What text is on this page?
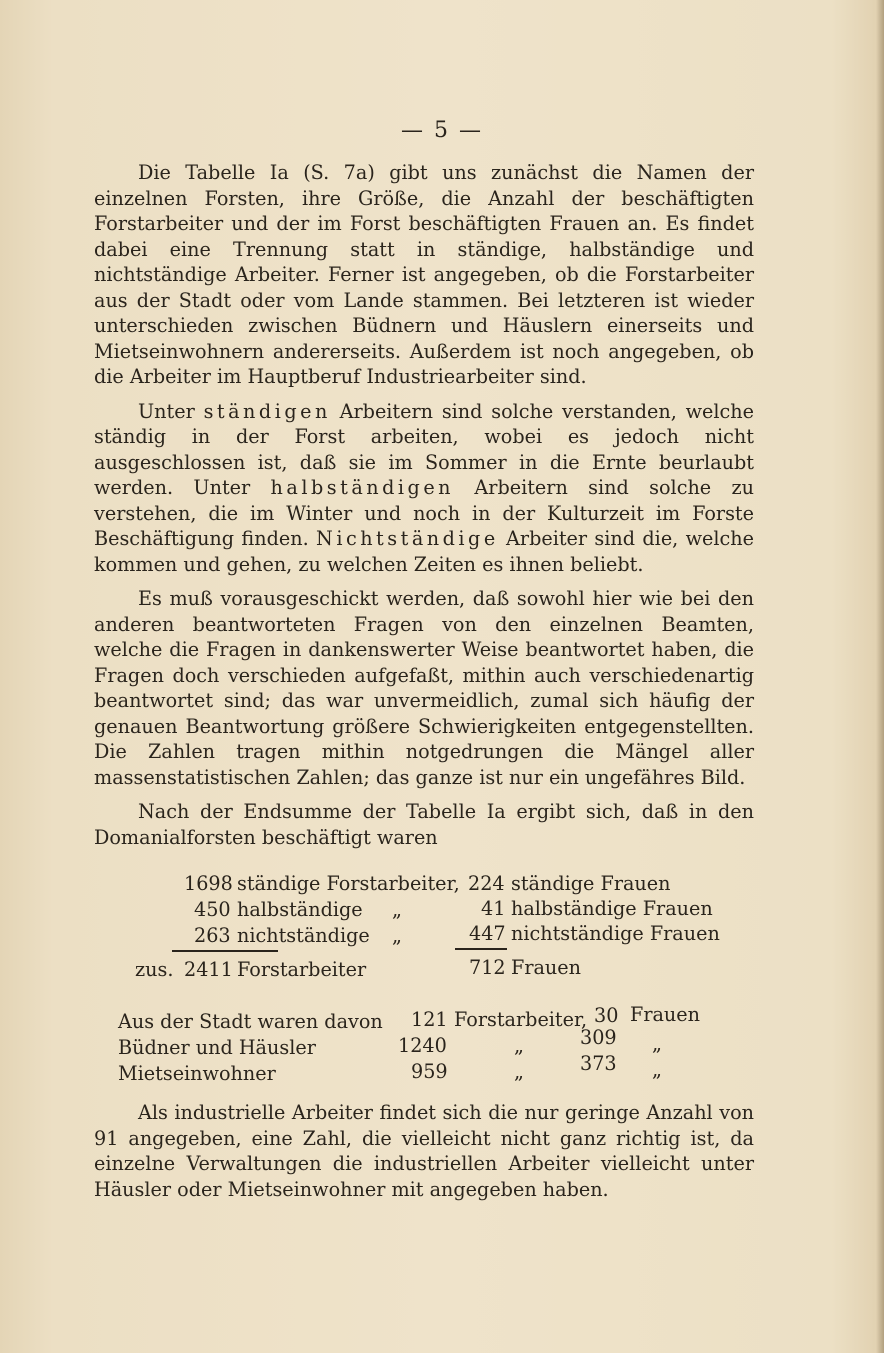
— 5 —

Die Tabelle Ia (S. 7a) gibt uns zunächst die Namen der einzelnen Forsten, ihre Größe, die Anzahl der beschäftigten Forstarbeiter und der im Forst beschäftigten Frauen an. Es findet dabei eine Trennung statt in ständige, halbständige und nichtständige Arbeiter. Ferner ist angegeben, ob die Forstarbeiter aus der Stadt oder vom Lande stammen. Bei letzteren ist wieder unterschieden zwischen Büdnern und Häuslern einerseits und Mietseinwohnern andererseits. Außerdem ist noch angegeben, ob die Arbeiter im Hauptberuf Industriearbeiter sind.

Unter ständigen Arbeitern sind solche verstanden, welche ständig in der Forst arbeiten, wobei es jedoch nicht ausgeschlossen ist, daß sie im Sommer in die Ernte beurlaubt werden. Unter halbständigen Arbeitern sind solche zu verstehen, die im Winter und noch in der Kulturzeit im Forste Beschäftigung finden. Nichtständige Arbeiter sind die, welche kommen und gehen, zu welchen Zeiten es ihnen beliebt.

Es muß vorausgeschickt werden, daß sowohl hier wie bei den anderen beantworteten Fragen von den einzelnen Beamten, welche die Fragen in dankenswerter Weise beantwortet haben, die Fragen doch verschieden aufgefaßt, mithin auch verschiedenartig beantwortet sind; das war unvermeidlich, zumal sich häufig der genauen Beantwortung größere Schwierigkeiten entgegenstellten. Die Zahlen tragen mithin notgedrungen die Mängel aller massenstatistischen Zahlen; das ganze ist nur ein ungefähres Bild.

Nach der Endsumme der Tabelle Ia ergibt sich, daß in den Domanialforsten beschäftigt waren

1698 ständige Forstarbeiter, 224 ständige Frauen
450 halbständige „	41 halbständige Frauen
263 nichtständige „	447 nichtständige Frauen
zus. 2411 Forstarbeiter	712 Frauen
Aus der Stadt waren davon 121 Forstarbeiter, 30 Frauen
Büdner und Häusler	1240	„	309 „
Mietseinwohner	959	„	373 „

Als industrielle Arbeiter findet sich die nur geringe Anzahl von 91 angegeben, eine Zahl, die vielleicht nicht ganz richtig ist, da einzelne Verwaltungen die industriellen Arbeiter vielleicht unter Häusler oder Mietseinwohner mit angegeben haben.
